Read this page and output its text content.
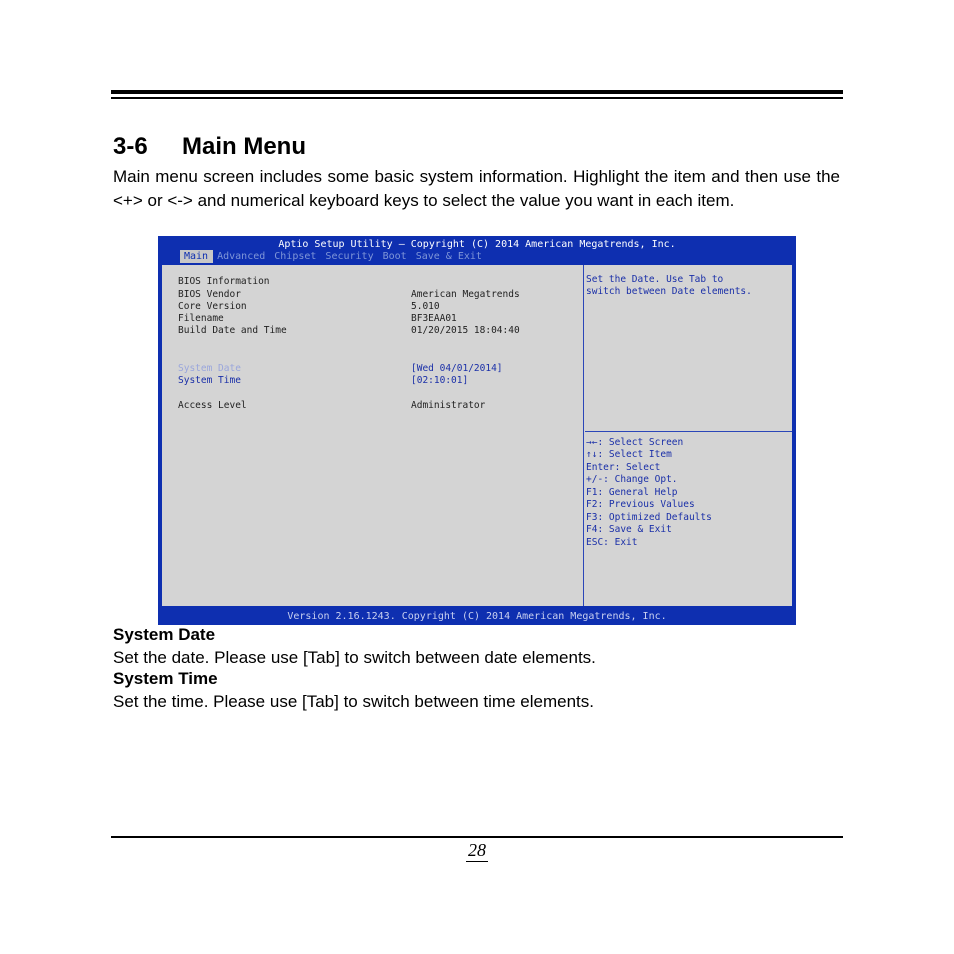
3-6 Main Menu

Main menu screen includes some basic system information. Highlight the item and then use the <+> or <-> and numerical keyboard keys to select the value you want in each item.

Aptio Setup Utility – Copyright (C) 2014 American Megatrends, Inc.
Main Advanced Chipset Security Boot Save & Exit
BIOS Information
BIOS Vendor	American Megatrends
Core Version	5.010
Filename	BF3EAA01
Build Date and Time	01/20/2015 18:04:40
System Date	[Wed 04/01/2014]
System Time	[02:10:01]
Access Level	Administrator
Set the Date. Use Tab to
switch between Date elements.
→←: Select Screen
↑↓: Select Item
Enter: Select
+/-: Change Opt.
F1: General Help
F2: Previous Values
F3: Optimized Defaults
F4: Save & Exit
ESC: Exit
Version 2.16.1243. Copyright (C) 2014 American Megatrends, Inc.
System Date

Set the date. Please use [Tab] to switch between date elements.

System Time

Set the time. Please use [Tab] to switch between time elements.

28
